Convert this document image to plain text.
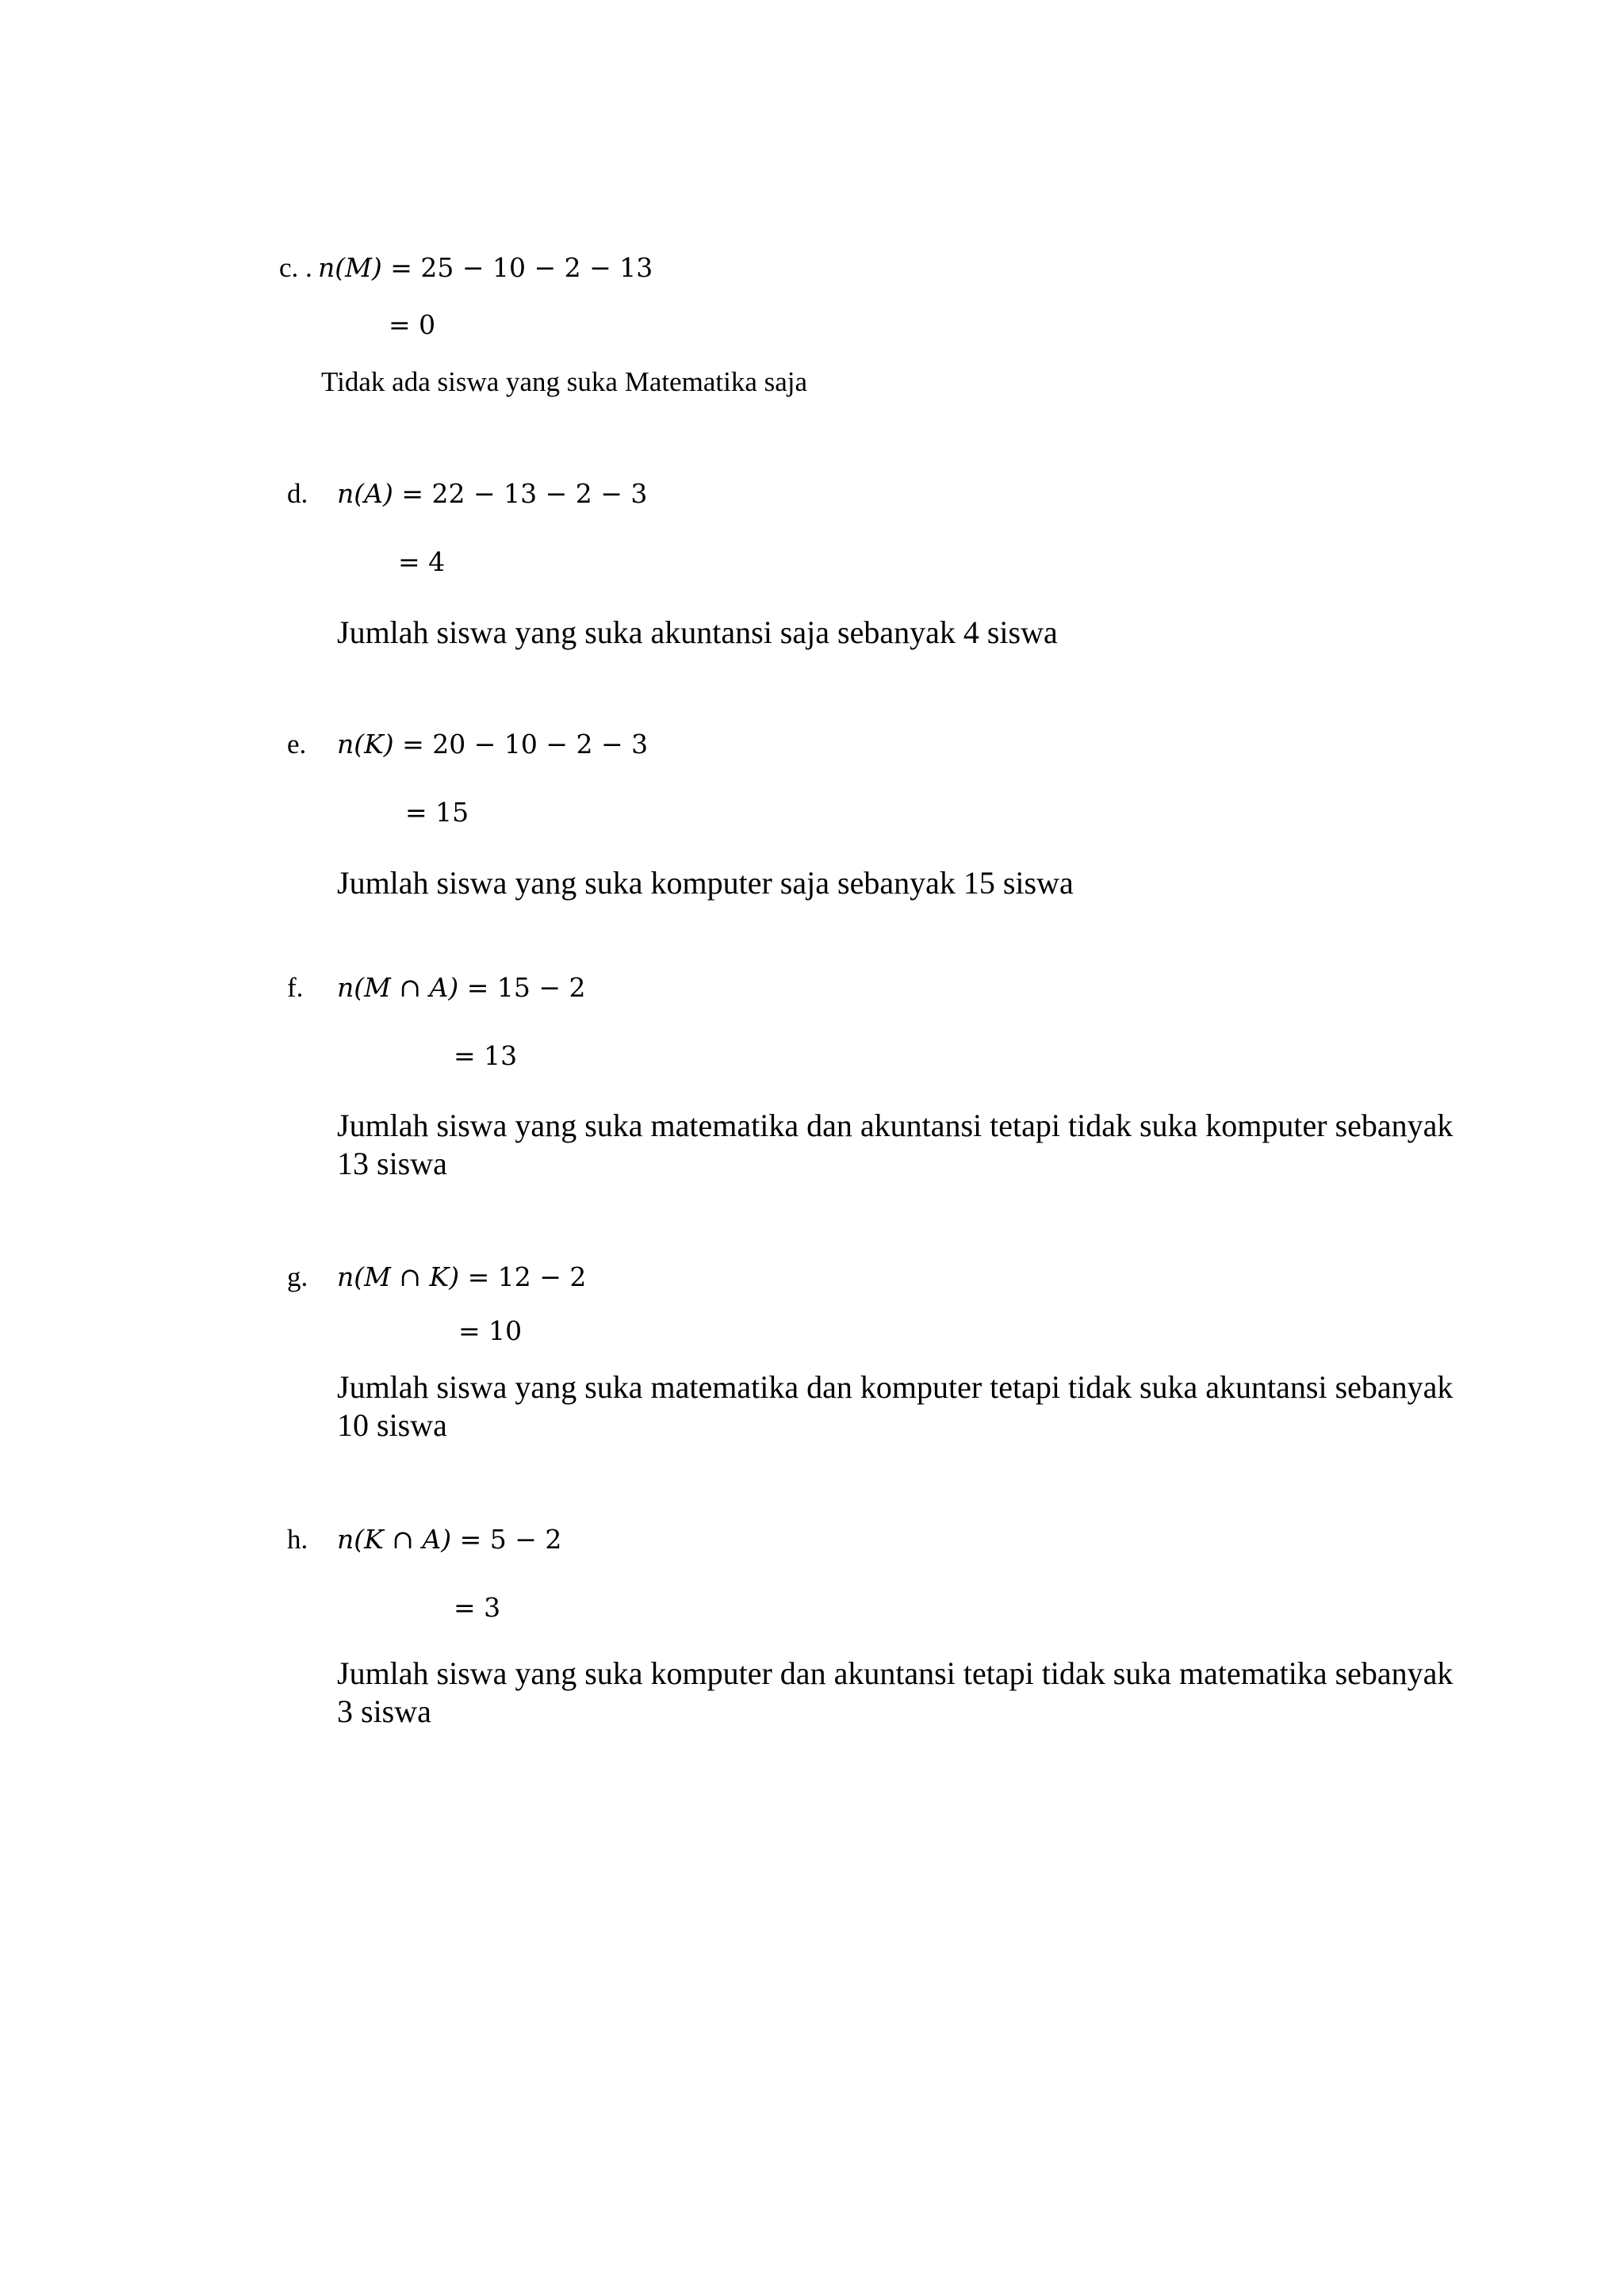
c. . n(M) = 25 − 10 − 2 − 13
= 0
Tidak ada siswa yang suka Matematika saja
d. n(A) = 22 − 13 − 2 − 3
= 4
Jumlah siswa yang suka akuntansi saja sebanyak 4 siswa
e. n(K) = 20 − 10 − 2 − 3
= 15
Jumlah siswa yang suka komputer saja sebanyak 15 siswa
f. n(M ∩ A) = 15 − 2
= 13
Jumlah siswa yang suka matematika dan akuntansi tetapi tidak suka komputer sebanyak
13 siswa
g. n(M ∩ K) = 12 − 2
= 10
Jumlah siswa yang suka matematika dan komputer tetapi tidak suka akuntansi sebanyak
10 siswa
h. n(K ∩ A) = 5 − 2
= 3
Jumlah siswa yang suka komputer dan akuntansi tetapi tidak suka matematika sebanyak
3 siswa
